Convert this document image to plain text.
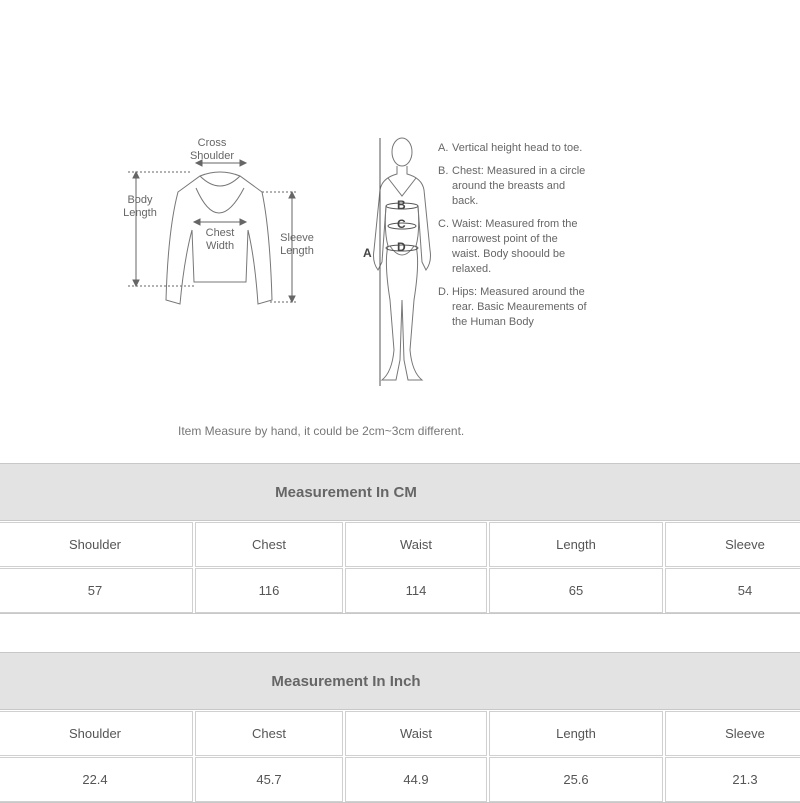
Cross
Shoulder
Body
Length
Chest
Width
Sleeve
Length	A
B
C
D
A. Vertical height head to toe.
B. Chest: Measured in a circle around the breasts and back.
C. Waist: Measured from the narrowest point of the waist. Body shoould be relaxed.
D. Hips: Measured around the rear. Basic Meaurements of the Human Body
Item Measure by hand, it could be 2cm~3cm different.
Measurement In CM
Shoulder	Chest	Waist	Length	Sleeve
57	116	114	65	54
Measurement In Inch
Shoulder	Chest	Waist	Length	Sleeve
22.4	45.7	44.9	25.6	21.3
